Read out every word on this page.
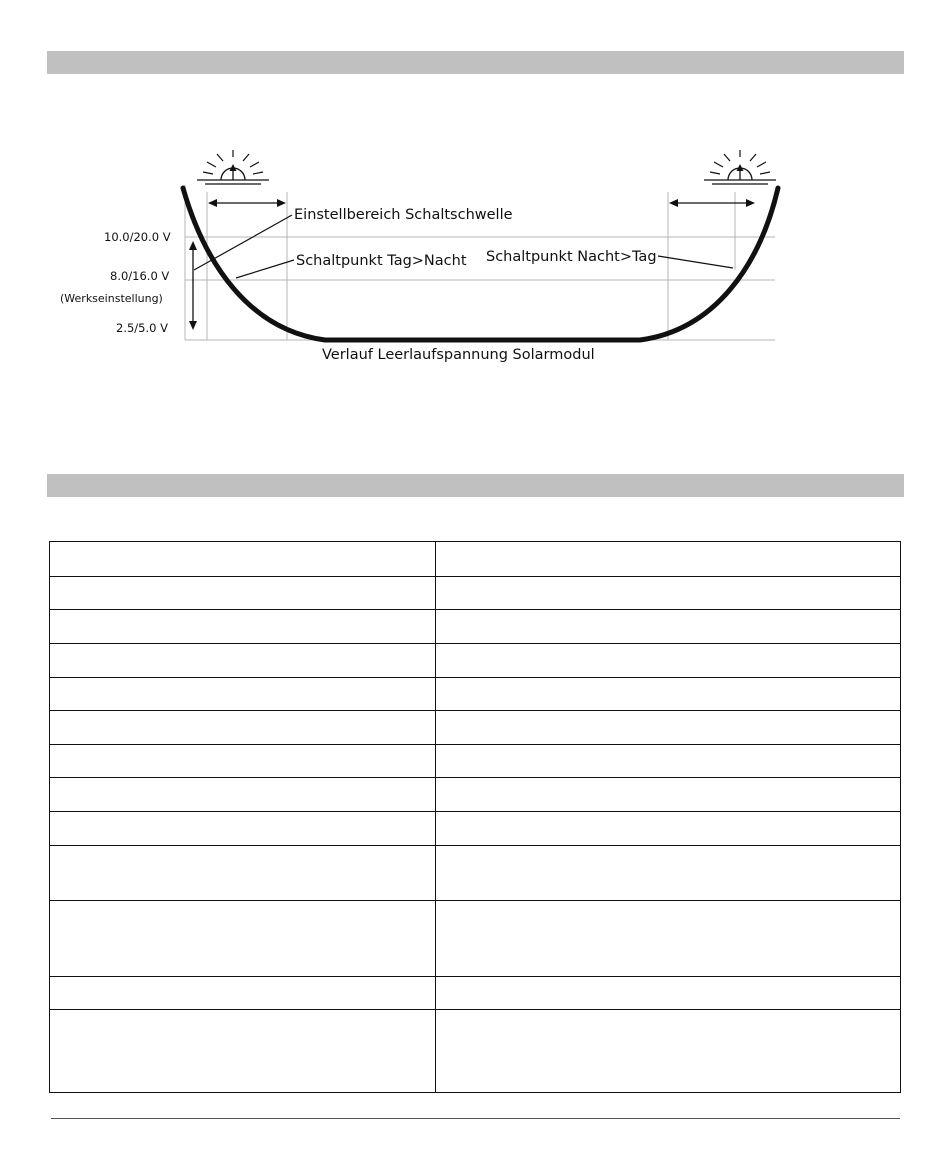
10.0/20.0 V
8.0/16.0 V
(Werkseinstellung)
2.5/5.0 V
Einstellbereich Schaltschwelle
Schaltpunkt Tag>Nacht Schaltpunkt Nacht>Tag
Verlauf Leerlaufspannung Solarmodul
